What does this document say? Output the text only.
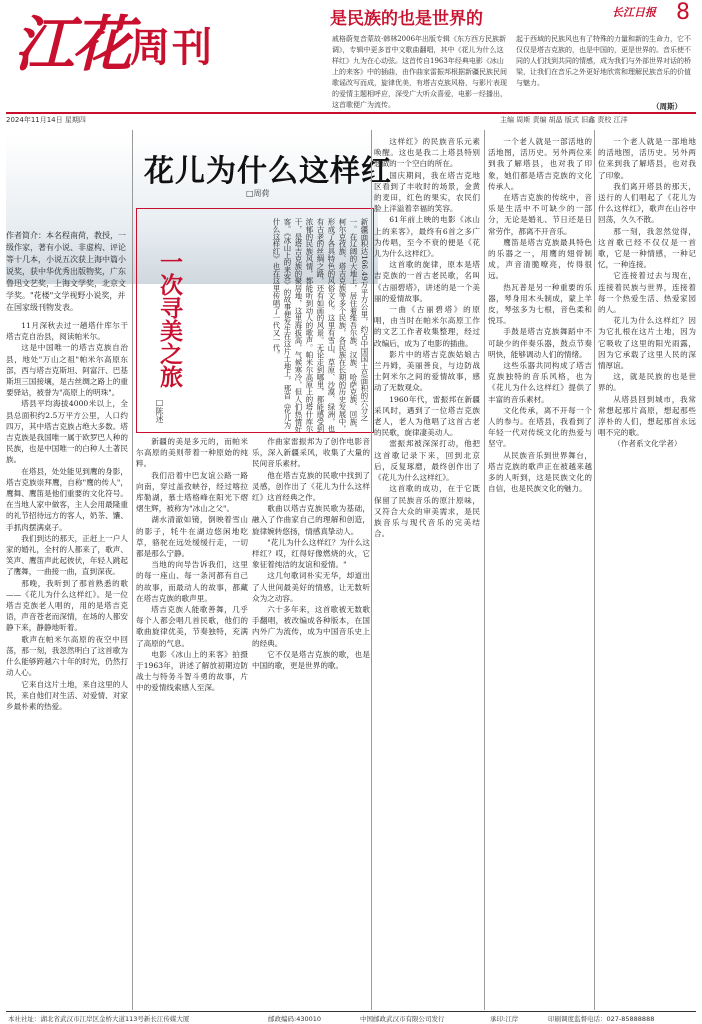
江花 周刊
是民族的也是世界的	长江日报 8
戚格蔚复音蒙故·韩林2006年出版专辑《东方西方民族新调》，专辑中更多首中文歌曲翻唱，其中《花儿为什么这样红》九为在心动弦。这首传自1963年经典电影《冰山上的来客》中的插曲，由作曲家雷振邦根据新疆民族民间歌谣改写而成，旋律优美，有塔吉克族风格，与影片表现的爱情主题相呼应，深受广大听众喜爱，电影一经播出，这首歌便广为流传。
起于西域的民族风也有了特殊的力量和新的生命力，它不仅仅是塔吉克族的，也是中国的，更是世界的。音乐使不同的人们找到共同的情感，成为我们与外部世界对话的桥梁，让我们在音乐之外更好地欣赏和理解民族音乐的价值与魅力。
（周斯）
2024年11月14日 星期四	主编 周斯 责编 胡晶 版式 旧鑫 责校 江洋
花儿为什么这样红
□周荷
作者简介：本名程南荷，教授，一级作家，著有小说、非虚构、评论等十几本，小说五次获上海中篇小说奖，获中华优秀出版物奖，广东鲁迅文艺奖，上海文学奖，北京文学奖。"花楼"文学视野小说奖，并在国家级刊物发表。	一次寻美之旅
□陈述	新疆面积达166.49万平方公里，约占中国国土总面积的六分之一。在辽阔的大地上，居住着维吾尔族、汉族、哈萨克族、回族、柯尔克孜族、塔吉克族等多个民族，各民族在长期的历史发展中，形成了各具特色的风俗文化。这里有雪山、草原、沙漠、绿洲，也有古老的丝绸之路，还有如画的风景。无论走到哪里，都能感受到浓郁的民族风情，都能听到动人的歌声。帕米尔高原上的塔什库尔干，是塔吉克族的聚居地，这里海拔高，气候寒冷，但人们热情好客。《冰山上的来客》的故事便发生在这片土地上，那首《花儿为什么这样红》也在这里传唱了一代又一代。

11月深秋去过一趟塔什库尔干塔吉克自治县，阅读帕米尔。

这是中国唯一的塔吉克族自治县，地处"万山之祖"帕米尔高原东部，西与塔吉克斯坦、阿富汗、巴基斯坦三国接壤，是古丝绸之路上的重要驿站，被誉为"高原上的明珠"。

塔县平均海拔4000米以上，全县总面积约2.5万平方公里，人口约四万，其中塔吉克族占绝大多数。塔吉克族是我国唯一属于欧罗巴人种的民族，也是中国唯一的白种人土著民族。

在塔县，处处能见到鹰的身影，塔吉克族崇拜鹰，自称"鹰的传人"，鹰舞、鹰笛是他们重要的文化符号。在当地人家中做客，主人会用最隆重的礼节招待远方的客人，奶茶、馕、手抓肉摆满桌子。

我们到达的那天，正赶上一户人家的婚礼，全村的人都来了，歌声、笑声、鹰笛声此起彼伏，年轻人跳起了鹰舞，一曲接一曲，直到深夜。

那晚，我听到了那首熟悉的歌——《花儿为什么这样红》。是一位塔吉克族老人唱的，用的是塔吉克语，声音苍老而深情，在场的人都安静下来，静静地听着。

歌声在帕米尔高原的夜空中回荡，那一刻，我忽然明白了这首歌为什么能够跨越六十年的时光，仍然打动人心。

它来自这片土地，来自这里的人民，来自他们对生活、对爱情、对家乡最朴素的热爱。

新疆的美是多元的，而帕米尔高原的美则带着一种原始的纯粹。

我们沿着中巴友谊公路一路向南，穿过盖孜峡谷，经过喀拉库勒湖，慕士塔格峰在阳光下熠熠生辉，被称为"冰山之父"。

湖水清澈如镜，倒映着雪山的影子，牦牛在湖边悠闲地吃草，骆驼在远处缓缓行走，一切都是那么宁静。

当地的向导告诉我们，这里的每一座山、每一条河都有自己的故事，而最动人的故事，都藏在塔吉克族的歌声里。

塔吉克族人能歌善舞，几乎每个人都会唱几首民歌，他们的歌曲旋律优美，节奏独特，充满了高原的气息。

电影《冰山上的来客》拍摄于1963年，讲述了解放初期边防战士与特务斗智斗勇的故事，片中的爱情线索感人至深。

作曲家雷振邦为了创作电影音乐，深入新疆采风，收集了大量的民间音乐素材。

他在塔吉克族的民歌中找到了灵感，创作出了《花儿为什么这样红》这首经典之作。

歌曲以塔吉克族民歌为基础，融入了作曲家自己的理解和创造，旋律婉转悠扬，情感真挚动人。

"花儿为什么这样红？为什么这样红？哎，红得好像燃烧的火，它象征着纯洁的友谊和爱情。"

这几句歌词朴实无华，却道出了人世间最美好的情感，让无数听众为之动容。

六十多年来，这首歌被无数歌手翻唱，被改编成各种版本，在国内外广为流传，成为中国音乐史上的经典。

它不仅是塔吉克族的歌，也是中国的歌，更是世界的歌。

这样红》的民族音乐元素唤醒。这也是我二上塔县特别想做的一个空白的所在。

国庆期间，我在塔吉克地区看到了丰收时的场景，金黄的麦田，红色的果实，农民们脸上洋溢着幸福的笑容。

61年前上映的电影《冰山上的来客》，最终有6首之多广为传唱，至今不衰的便是《花儿为什么这样红》。

这首歌的旋律，原本是塔吉克族的一首古老民歌，名叫《古丽碧塔》，讲述的是一个美丽的爱情故事。

一曲《古丽碧塔》的原唱，由当时在帕米尔高原工作的文艺工作者收集整理，经过改编后，成为了电影的插曲。

影片中的塔吉克族姑娘古兰丹姆，美丽善良，与边防战士阿米尔之间的爱情故事，感动了无数观众。

1960年代，雷振邦在新疆采风时，遇到了一位塔吉克族老人，老人为他唱了这首古老的民歌，旋律凄美动人。

雷振邦被深深打动，他把这首歌记录下来，回到北京后，反复琢磨，最终创作出了《花儿为什么这样红》。

这首歌的成功，在于它既保留了民族音乐的原汁原味，又符合大众的审美需求，是民族音乐与现代音乐的完美结合。

一个老人就是一部活地的活地图，活历史。另外两位来到我了解塔县，也对我了印象，她们都是塔吉克族的文化传承人。

在塔吉克族的传统中，音乐是生活中不可缺少的一部分，无论是婚礼、节日还是日常劳作，都离不开音乐。

鹰笛是塔吉克族最具特色的乐器之一，用鹰的翅骨制成，声音清脆嘹亮，传得很远。

热瓦普是另一种重要的乐器，琴身用木头制成，蒙上羊皮，琴弦多为七根，音色柔和悦耳。

手鼓是塔吉克族舞蹈中不可缺少的伴奏乐器，鼓点节奏明快，能够调动人们的情绪。

这些乐器共同构成了塔吉克族独特的音乐风格，也为《花儿为什么这样红》提供了丰富的音乐素材。

文化传承，离不开每一个人的参与。在塔县，我看到了年轻一代对传统文化的热爱与坚守。

从民族音乐到世界舞台，塔吉克族的歌声正在被越来越多的人听到，这是民族文化的自信，也是民族文化的魅力。

一个老人就是一部地地的活地图，活历史。另外两位来到我了解塔县，也对我了印象。

我们离开塔县的那天，送行的人们唱起了《花儿为什么这样红》，歌声在山谷中回荡，久久不散。

那一刻，我忽然觉得，这首歌已经不仅仅是一首歌，它是一种情感，一种记忆，一种连接。

它连接着过去与现在，连接着民族与世界，连接着每一个热爱生活、热爱家园的人。

花儿为什么这样红？因为它扎根在这片土地，因为它吸收了这里的阳光雨露，因为它承载了这里人民的深情厚谊。

这，就是民族的也是世界的。

从塔县回到城市，我常常想起那片高原，想起那些淳朴的人们，想起那首永远唱不完的歌。

（作者系文化学者）

本社社址：湖北省武汉市江岸区金桥大道113号新长江传媒大厦	邮政编码:430010	中国邮政武汉市有限公司发行	承印:江岸	印刷调度监督电话：027-85888888
